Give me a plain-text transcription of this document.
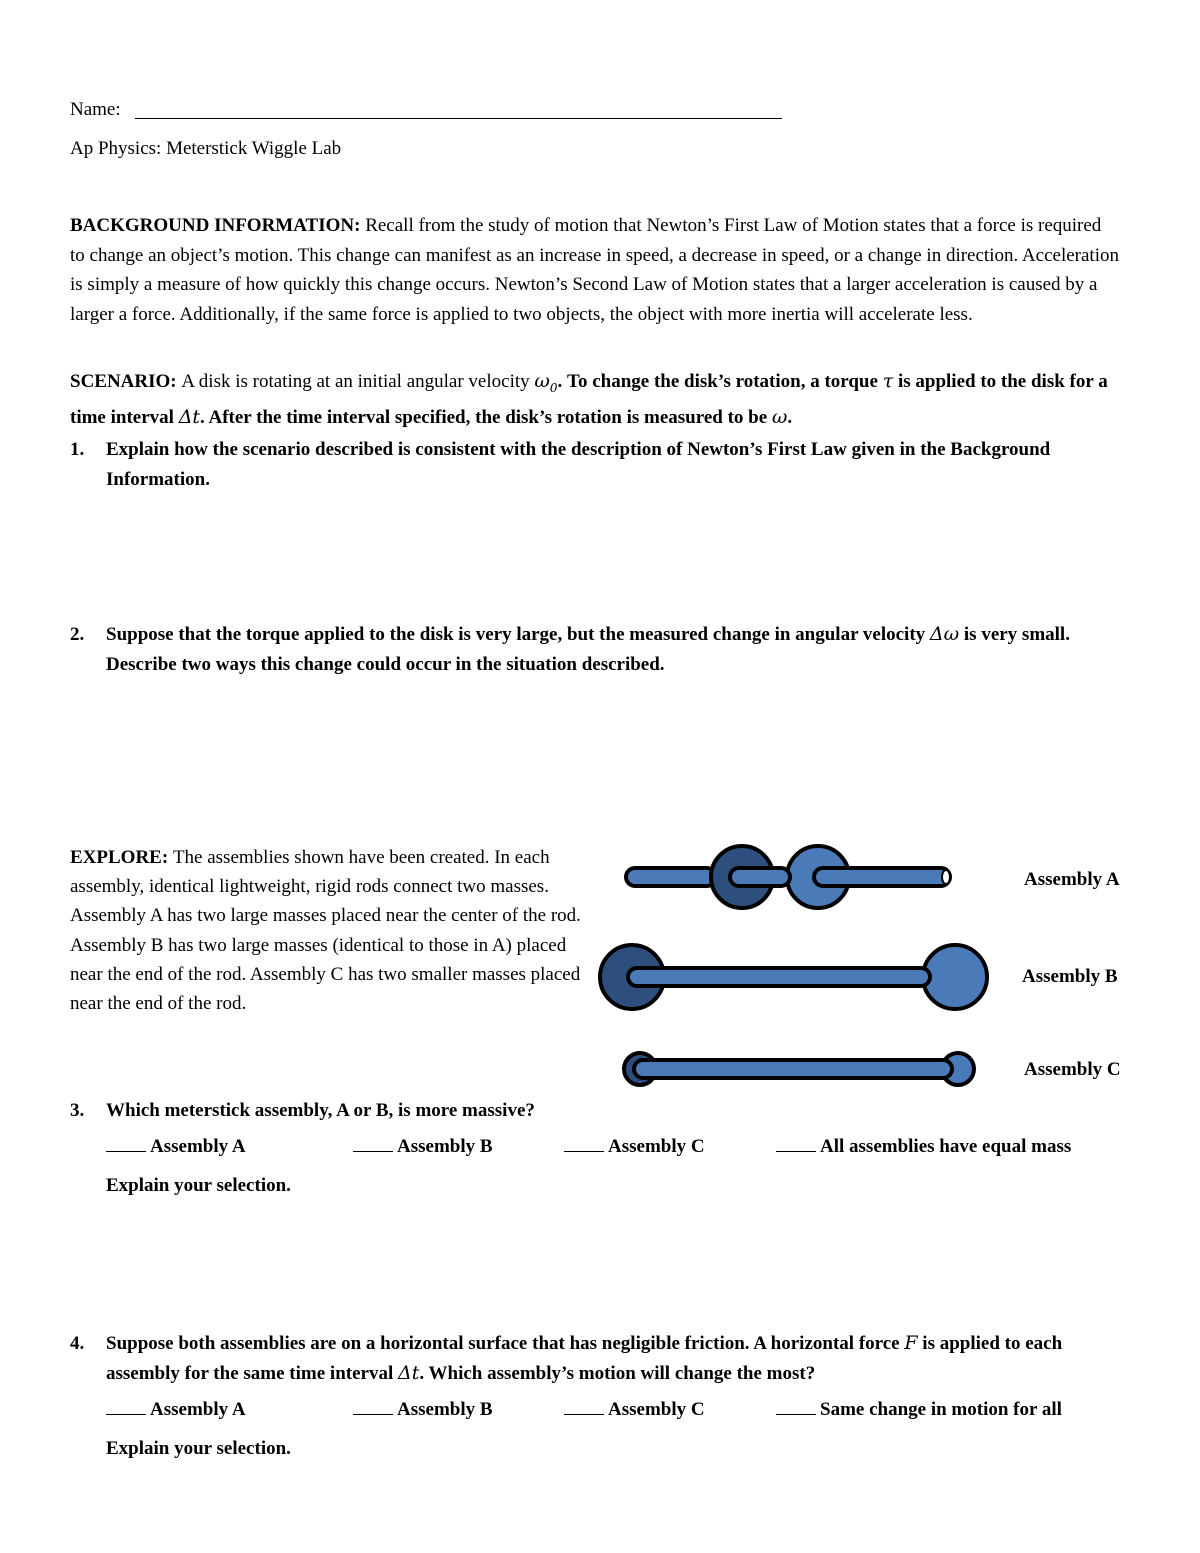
Name:
Ap Physics: Meterstick Wiggle Lab
BACKGROUND INFORMATION: Recall from the study of motion that Newton’s First Law of Motion states that a force is required to change an object’s motion. This change can manifest as an increase in speed, a decrease in speed, or a change in direction. Acceleration is simply a measure of how quickly this change occurs. Newton’s Second Law of Motion states that a larger acceleration is caused by a larger a force. Additionally, if the same force is applied to two objects, the object with more inertia will accelerate less.
SCENARIO: A disk is rotating at an initial angular velocity $\omega_0$. To change the disk’s rotation, a torque τ is applied to the disk for a time interval Δt. After the time interval specified, the disk’s rotation is measured to be ω.
1.	Explain how the scenario described is consistent with the description of Newton’s First Law given in the Background Information.
2.	Suppose that the torque applied to the disk is very large, but the measured change in angular velocity Δω is very small. Describe two ways this change could occur in the situation described.
EXPLORE: The assemblies shown have been created. In each assembly, identical lightweight, rigid rods connect two masses. Assembly A has two large masses placed near the center of the rod. Assembly B has two large masses (identical to those in A) placed near the end of the rod. Assembly C has two smaller masses placed near the end of the rod.
Assembly A
Assembly B
Assembly C
3.	Which meterstick assembly, A or B, is more massive?
Assembly A	Assembly B	Assembly C	All assemblies have equal mass
Explain your selection.
4.	Suppose both assemblies are on a horizontal surface that has negligible friction. A horizontal force F is applied to each assembly for the same time interval Δt. Which assembly’s motion will change the most?
Assembly A	Assembly B	Assembly C	Same change in motion for all
Explain your selection.
